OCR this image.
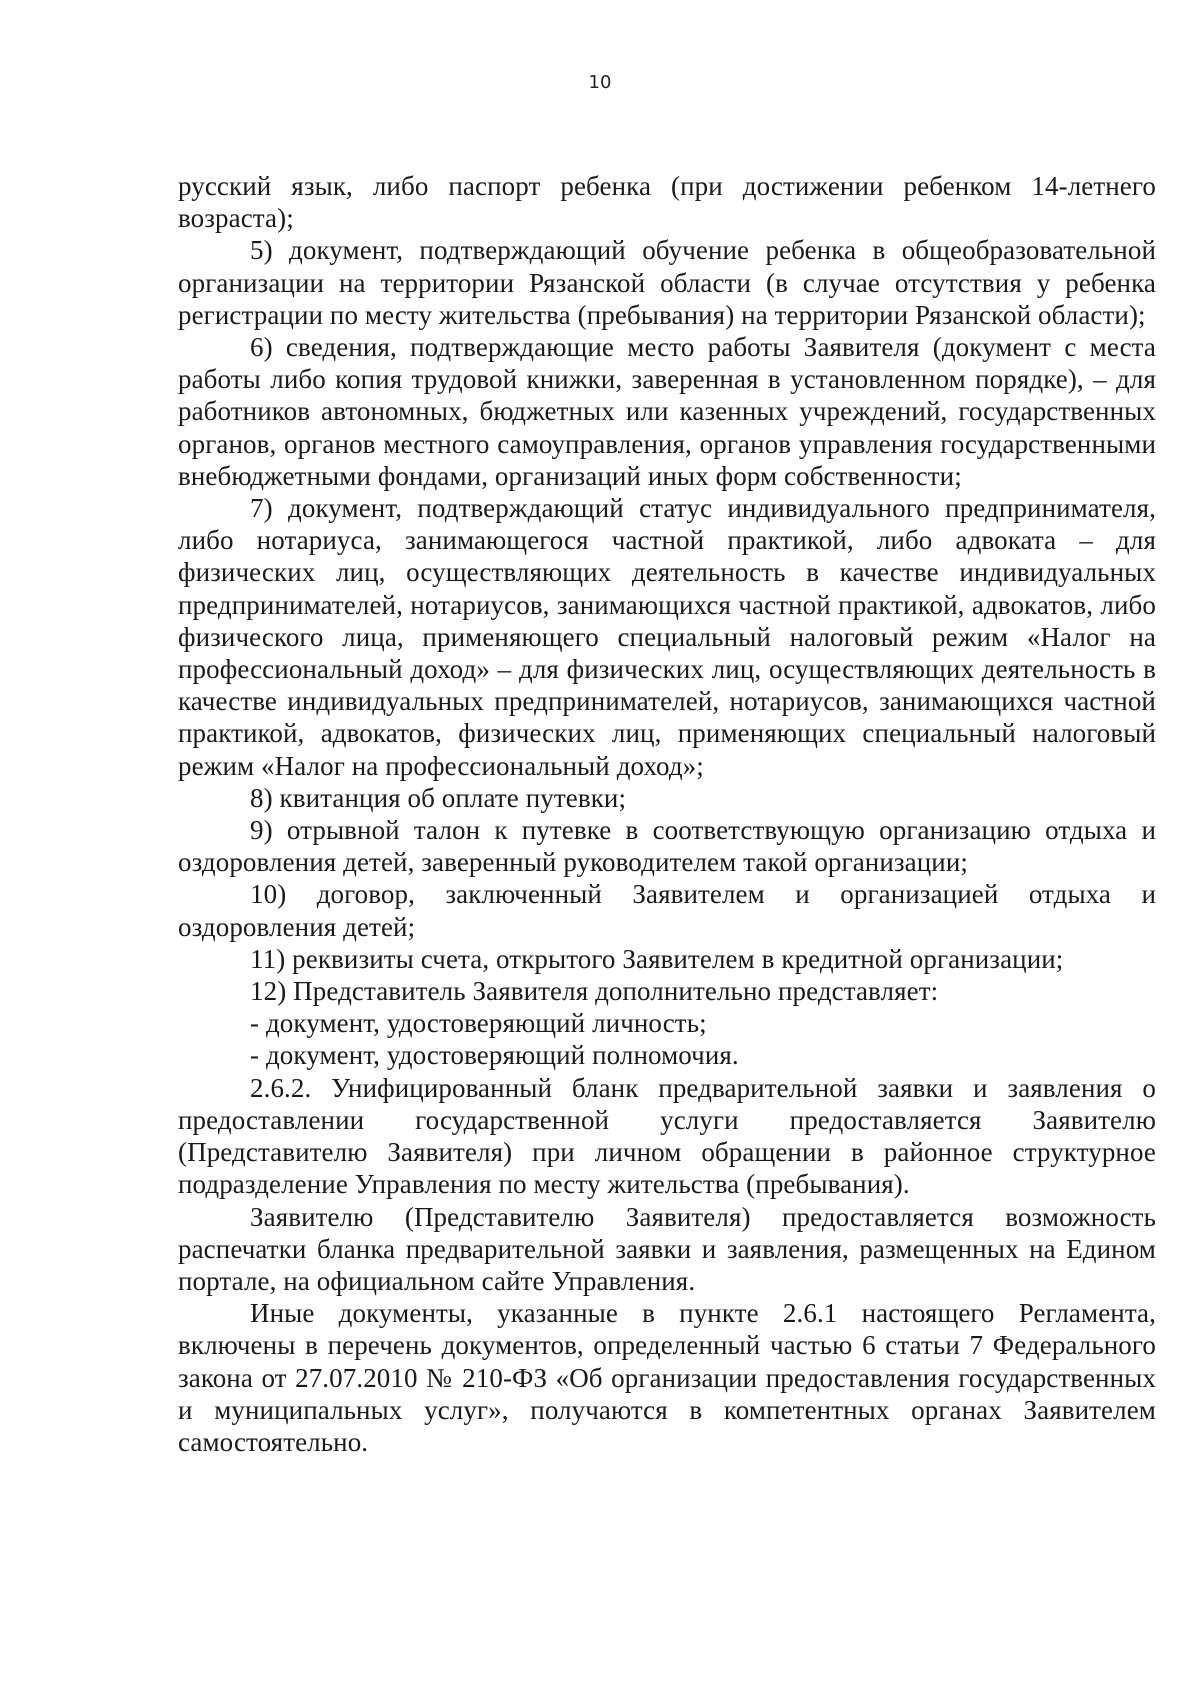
10

русский язык, либо паспорт ребенка (при достижении ребенком 14-летнего возраста);

5) документ, подтверждающий обучение ребенка в общеобразовательной организации на территории Рязанской области (в случае отсутствия у ребенка регистрации по месту жительства (пребывания) на территории Рязанской области);

6) сведения, подтверждающие место работы Заявителя (документ с места работы либо копия трудовой книжки, заверенная в установленном порядке), – для работников автономных, бюджетных или казенных учреждений, государственных органов, органов местного самоуправления, органов управления государственными внебюджетными фондами, организаций иных форм собственности;

7) документ, подтверждающий статус индивидуального предпринимателя, либо нотариуса, занимающегося частной практикой, либо адвоката – для физических лиц, осуществляющих деятельность в качестве индивидуальных предпринимателей, нотариусов, занимающихся частной практикой, адвокатов, либо физического лица, применяющего специальный налоговый режим «Налог на профессиональный доход» – для физических лиц, осуществляющих деятельность в качестве индивидуальных предпринимателей, нотариусов, занимающихся частной практикой, адвокатов, физических лиц, применяющих специальный налоговый режим «Налог на профессиональный доход»;

8) квитанция об оплате путевки;

9) отрывной талон к путевке в соответствующую организацию отдыха и оздоровления детей, заверенный руководителем такой организации;

10) договор, заключенный Заявителем и организацией отдыха и оздоровления детей;

11) реквизиты счета, открытого Заявителем в кредитной организации;

12) Представитель Заявителя дополнительно представляет:

- документ, удостоверяющий личность;

- документ, удостоверяющий полномочия.

2.6.2. Унифицированный бланк предварительной заявки и заявления о предоставлении государственной услуги предоставляется Заявителю (Представителю Заявителя) при личном обращении в районное структурное подразделение Управления по месту жительства (пребывания).

Заявителю (Представителю Заявителя) предоставляется возможность распечатки бланка предварительной заявки и заявления, размещенных на Едином портале, на официальном сайте Управления.

Иные документы, указанные в пункте 2.6.1 настоящего Регламента, включены в перечень документов, определенный частью 6 статьи 7 Федерального закона от 27.07.2010 № 210-ФЗ «Об организации предоставления государственных и муниципальных услуг», получаются в компетентных органах Заявителем самостоятельно.
